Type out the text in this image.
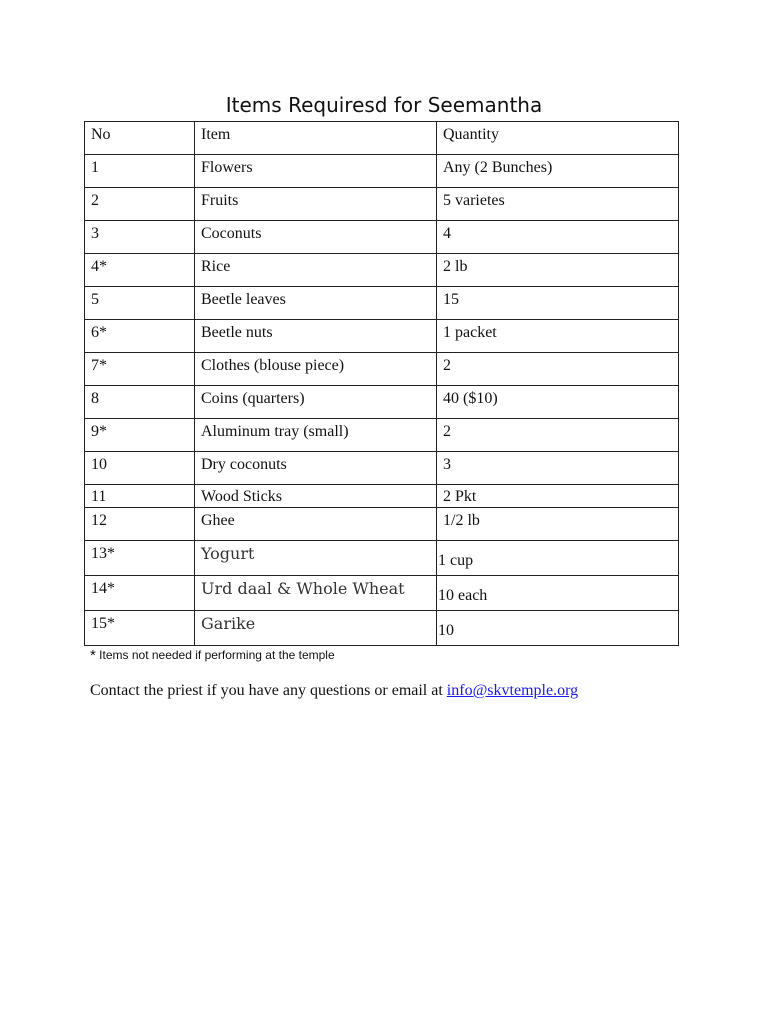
Items Requiresd for Seemantha
No	Item	Quantity
1	Flowers	Any (2 Bunches)
2	Fruits	5 varietes
3	Coconuts	4
4*	Rice	2 lb
5	Beetle leaves	15
6*	Beetle nuts	1 packet
7*	Clothes (blouse piece)	2
8	Coins (quarters)	40 ($10)
9*	Aluminum tray (small)	2
10	Dry coconuts	3
11	Wood Sticks	2 Pkt
12	Ghee	1/2 lb
13*	Yogurt	1 cup
14*	Urd daal & Whole Wheat	10 each
15*	Garike	10
* Items not needed if performing at the temple
Contact the priest if you have any questions or email at info@skvtemple.org
